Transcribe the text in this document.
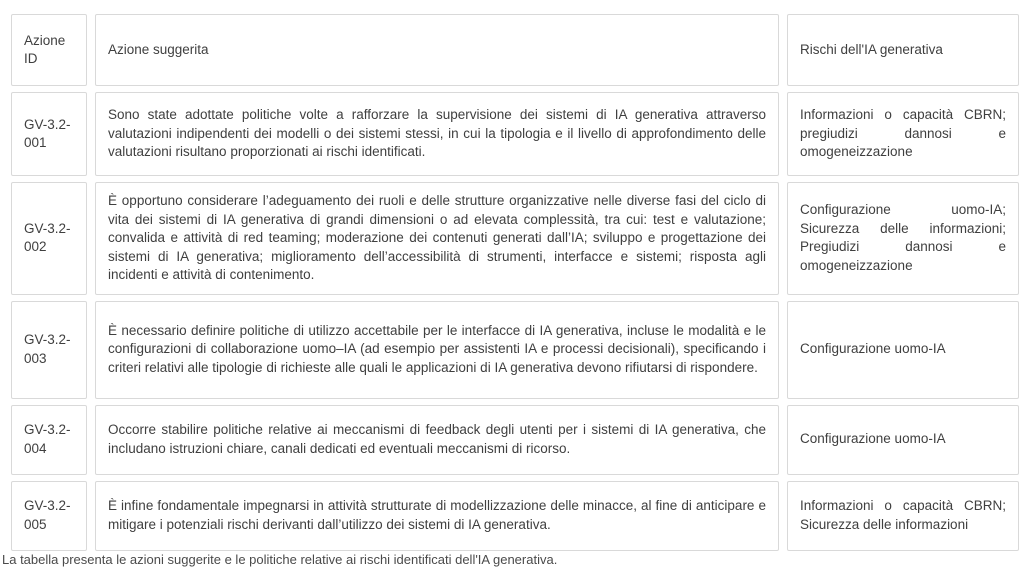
Azione ID	Azione suggerita	Rischi dell'IA generativa
GV-3.2-001	Sono state adottate politiche volte a rafforzare la supervisione dei sistemi di IA generativa attraverso valutazioni indipendenti dei modelli o dei sistemi stessi, in cui la tipologia e il livello di approfondimento delle valutazioni risultano proporzionati ai rischi identificati.	Informazioni o capacità CBRN; pregiudizi dannosi e omogeneizzazione
GV-3.2-002	È opportuno considerare l’adeguamento dei ruoli e delle strutture organizzative nelle diverse fasi del ciclo di vita dei sistemi di IA generativa di grandi dimensioni o ad elevata complessità, tra cui: test e valutazione; convalida e attività di red teaming; moderazione dei contenuti generati dall’IA; sviluppo e progettazione dei sistemi di IA generativa; miglioramento dell’accessibilità di strumenti, interfacce e sistemi; risposta agli incidenti e attività di contenimento.	Configurazione uomo-IA; Sicurezza delle informazioni; Pregiudizi dannosi e omogeneizzazione
GV-3.2-003	È necessario definire politiche di utilizzo accettabile per le interfacce di IA generativa, incluse le modalità e le configurazioni di collaborazione uomo–IA (ad esempio per assistenti IA e processi decisionali), specificando i criteri relativi alle tipologie di richieste alle quali le applicazioni di IA generativa devono rifiutarsi di rispondere.	Configurazione uomo-IA
GV-3.2-004	Occorre stabilire politiche relative ai meccanismi di feedback degli utenti per i sistemi di IA generativa, che includano istruzioni chiare, canali dedicati ed eventuali meccanismi di ricorso.	Configurazione uomo-IA
GV-3.2-005	È infine fondamentale impegnarsi in attività strutturate di modellizzazione delle minacce, al fine di anticipare e mitigare i potenziali rischi derivanti dall’utilizzo dei sistemi di IA generativa.	Informazioni o capacità CBRN; Sicurezza delle informazioni
La tabella presenta le azioni suggerite e le politiche relative ai rischi identificati dell'IA generativa.
